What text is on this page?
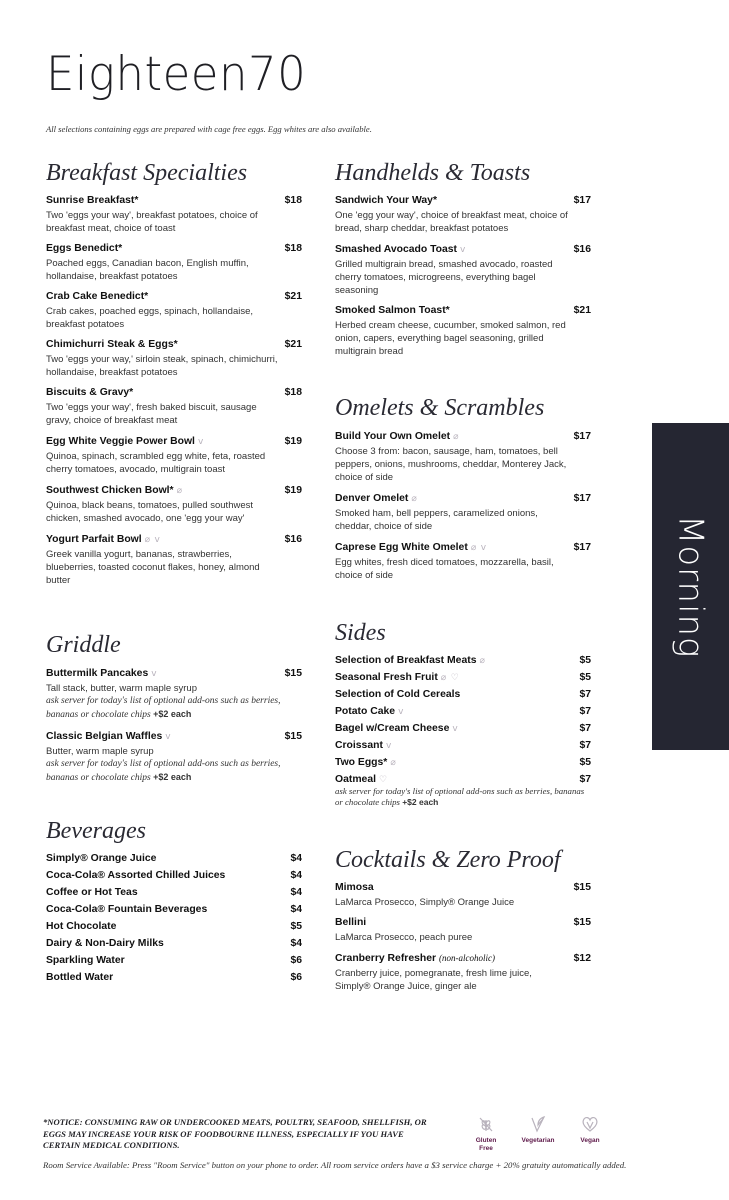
Eighteen70
All selections containing eggs are prepared with cage free eggs. Egg whites are also available.
Breakfast Specialties
Sunrise Breakfast*	$18
Two 'eggs your way', breakfast potatoes, choice of breakfast meat, choice of toast
Eggs Benedict*	$18
Poached eggs, Canadian bacon, English muffin, hollandaise, breakfast potatoes
Crab Cake Benedict*	$21
Crab cakes, poached eggs, spinach, hollandaise, breakfast potatoes
Chimichurri Steak & Eggs*	$21
Two 'eggs your way,' sirloin steak, spinach, chimichurri, hollandaise, breakfast potatoes
Biscuits & Gravy*	$18
Two 'eggs your way', fresh baked biscuit, sausage gravy, choice of breakfast meat
Egg White Veggie Power Bowl ⅴ	$19
Quinoa, spinach, scrambled egg white, feta, roasted cherry tomatoes, avocado, multigrain toast
Southwest Chicken Bowl* ⌀	$19
Quinoa, black beans, tomatoes, pulled southwest chicken, smashed avocado, one 'egg your way'
Yogurt Parfait Bowl ⌀ ⅴ	$16
Greek vanilla yogurt, bananas, strawberries, blueberries, toasted coconut flakes, honey, almond butter
Griddle
Buttermilk Pancakes ⅴ	$15
Tall stack, butter, warm maple syrup
ask server for today's list of optional add-ons such as berries, bananas or chocolate chips +$2 each
Classic Belgian Waffles ⅴ	$15
Butter, warm maple syrup
ask server for today's list of optional add-ons such as berries, bananas or chocolate chips +$2 each
Beverages
Simply® Orange Juice	$4
Coca-Cola® Assorted Chilled Juices	$4
Coffee or Hot Teas	$4
Coca-Cola® Fountain Beverages	$4
Hot Chocolate	$5
Dairy & Non-Dairy Milks	$4
Sparkling Water	$6
Bottled Water	$6
Handhelds & Toasts
Sandwich Your Way*	$17
One 'egg your way', choice of breakfast meat, choice of bread, sharp cheddar, breakfast potatoes
Smashed Avocado Toast ⅴ	$16
Grilled multigrain bread, smashed avocado, roasted cherry tomatoes, microgreens, everything bagel seasoning
Smoked Salmon Toast*	$21
Herbed cream cheese, cucumber, smoked salmon, red onion, capers, everything bagel seasoning, grilled multigrain bread
Omelets & Scrambles
Build Your Own Omelet ⌀	$17
Choose 3 from: bacon, sausage, ham, tomatoes, bell peppers, onions, mushrooms, cheddar, Monterey Jack, choice of side
Denver Omelet ⌀	$17
Smoked ham, bell peppers, caramelized onions, cheddar, choice of side
Caprese Egg White Omelet ⌀ ⅴ	$17
Egg whites, fresh diced tomatoes, mozzarella, basil, choice of side
Sides
Selection of Breakfast Meats ⌀	$5
Seasonal Fresh Fruit ⌀ ♡	$5
Selection of Cold Cereals	$7
Potato Cake ⅴ	$7
Bagel w/Cream Cheese ⅴ	$7
Croissant ⅴ	$7
Two Eggs* ⌀	$5
Oatmeal ♡	$7
ask server for today's list of optional add-ons such as berries, bananas or chocolate chips +$2 each
Cocktails & Zero Proof
Mimosa	$15
LaMarca Prosecco, Simply® Orange Juice
Bellini	$15
LaMarca Prosecco, peach puree
Cranberry Refresher (non-alcoholic)	$12
Cranberry juice, pomegranate, fresh lime juice, Simply® Orange Juice, ginger ale
Morning
*NOTICE: CONSUMING RAW OR UNDERCOOKED MEATS, POULTRY, SEAFOOD, SHELLFISH, OR EGGS MAY INCREASE YOUR RISK OF FOODBOURNE ILLNESS, ESPECIALLY IF YOU HAVE CERTAIN MEDICAL CONDITIONS.
Room Service Available: Press "Room Service" button on your phone to order. All room service orders have a $3 service charge + 20% gratuity automatically added.
Gluten
Free
Vegetarian	Vegan
